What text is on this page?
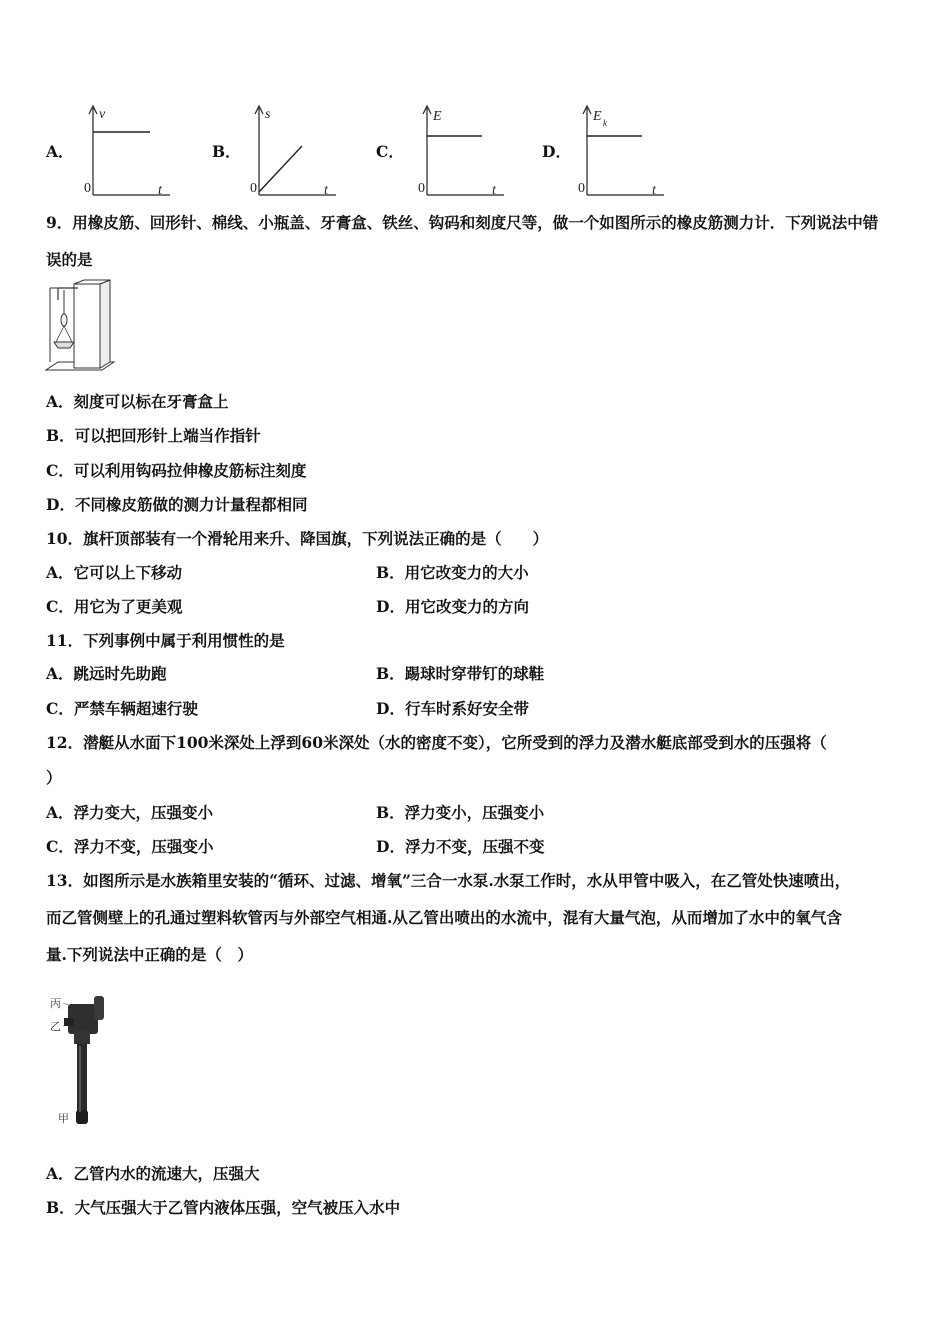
A．
v
t
0
B．
s
t
0
C．
E
t
0
D．
E k
t
0
9．用橡皮筋、回形针、棉线、小瓶盖、牙膏盒、铁丝、钩码和刻度尺等，做一个如图所示的橡皮筋测力计．下列说法中错
误的是
A．刻度可以标在牙膏盒上
B．可以把回形针上端当作指针
C．可以利用钩码拉伸橡皮筋标注刻度
D．不同橡皮筋做的测力计量程都相同
10．旗杆顶部装有一个滑轮用来升、降国旗，下列说法正确的是（　　）
A．它可以上下移动	B．用它改变力的大小
C．用它为了更美观	D．用它改变力的方向
11．下列事例中属于利用惯性的是
A．跳远时先助跑	B．踢球时穿带钉的球鞋
C．严禁车辆超速行驶	D．行车时系好安全带
12．潜艇从水面下100米深处上浮到60米深处（水的密度不变），它所受到的浮力及潜水艇底部受到水的压强将（
）
A．浮力变大，压强变小	B．浮力变小，压强变小
C．浮力不变，压强变小	D．浮力不变，压强不变
13．如图所示是水族箱里安装的“循环、过滤、增氧”三合一水泵.水泵工作时，水从甲管中吸入，在乙管处快速喷出，
而乙管侧壁上的孔通过塑料软管丙与外部空气相通.从乙管出喷出的水流中，混有大量气泡，从而增加了水中的氧气含
量.下列说法中正确的是（　）
丙
乙
甲
A．乙管内水的流速大，压强大
B．大气压强大于乙管内液体压强，空气被压入水中
